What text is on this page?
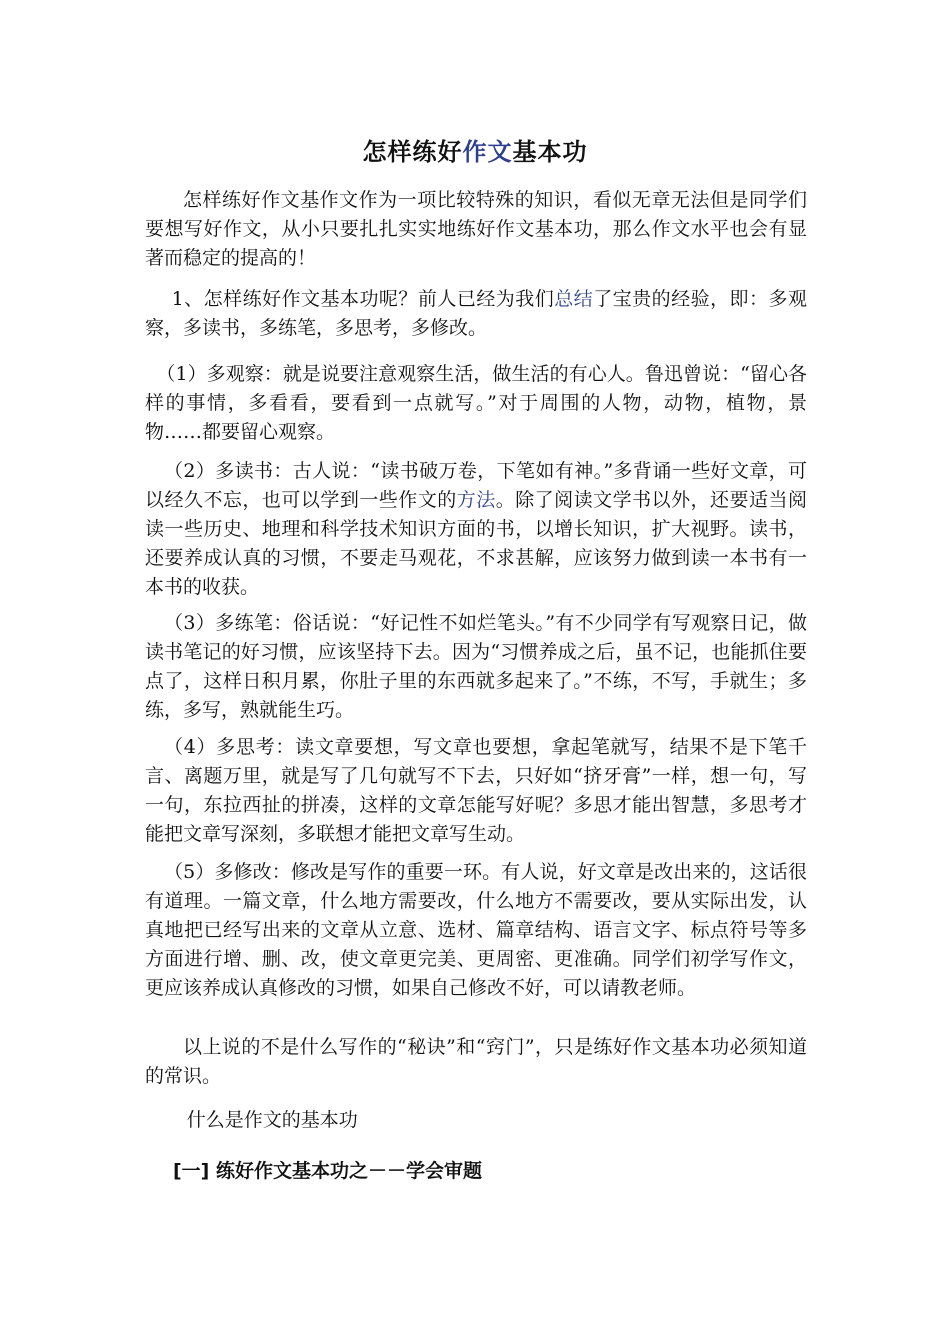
怎样练好作文基本功
怎样练好作文基作文作为一项比较特殊的知识，看似无章无法但是同学们要想写好作文，从小只要扎扎实实地练好作文基本功，那么作文水平也会有显著而稳定的提高的！
1、怎样练好作文基本功呢？前人已经为我们总结了宝贵的经验，即：多观察，多读书，多练笔，多思考，多修改。
（1）多观察：就是说要注意观察生活，做生活的有心人。鲁迅曾说：“留心各样的事情，多看看，要看到一点就写。”对于周围的人物，动物，植物，景物……都要留心观察。
（2）多读书：古人说：“读书破万卷，下笔如有神。”多背诵一些好文章，可以经久不忘，也可以学到一些作文的方法。除了阅读文学书以外，还要适当阅读一些历史、地理和科学技术知识方面的书，以增长知识，扩大视野。读书，还要养成认真的习惯，不要走马观花，不求甚解，应该努力做到读一本书有一本书的收获。
（3）多练笔：俗话说：“好记性不如烂笔头。”有不少同学有写观察日记，做读书笔记的好习惯，应该坚持下去。因为“习惯养成之后，虽不记，也能抓住要点了，这样日积月累，你肚子里的东西就多起来了。”不练，不写，手就生；多练，多写，熟就能生巧。
（4）多思考：读文章要想，写文章也要想，拿起笔就写，结果不是下笔千言、离题万里，就是写了几句就写不下去，只好如“挤牙膏”一样，想一句，写一句，东拉西扯的拼凑，这样的文章怎能写好呢？多思才能出智慧，多思考才能把文章写深刻，多联想才能把文章写生动。
（5）多修改：修改是写作的重要一环。有人说，好文章是改出来的，这话很有道理。一篇文章，什么地方需要改，什么地方不需要改，要从实际出发，认真地把已经写出来的文章从立意、选材、篇章结构、语言文字、标点符号等多方面进行增、删、改，使文章更完美、更周密、更准确。同学们初学写作文，更应该养成认真修改的习惯，如果自己修改不好，可以请教老师。
以上说的不是什么写作的“秘诀”和“窍门”，只是练好作文基本功必须知道的常识。
什么是作文的基本功
[一] 练好作文基本功之－－学会审题
